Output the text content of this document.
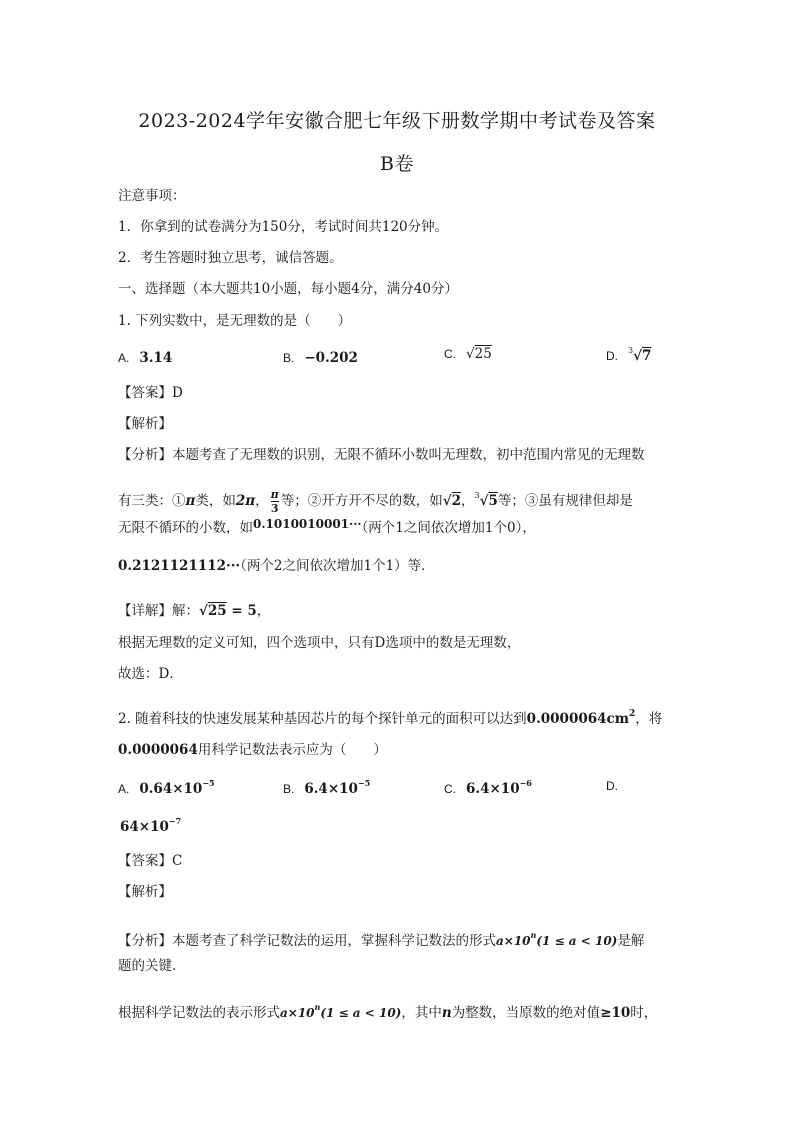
2023-2024学年安徽合肥七年级下册数学期中考试卷及答案
B卷
注意事项：
1．你拿到的试卷满分为150分，考试时间共120分钟。
2．考生答题时独立思考，诚信答题。
一、选择题（本大题共10小题，每小题4分，满分40分）
1. 下列实数中，是无理数的是（　　）
A. 3.14	B. −0.202	C. √25	D. $^3$√7
【答案】D
【解析】
【分析】本题考查了无理数的识别，无限不循环小数叫无理数，初中范围内常见的无理数
有三类：①π类，如2π， $\frac{\pi}{3}$ 等；②开方开不尽的数，如√2，$^3$√5等；③虽有规律但却是
无限不循环的小数，如0.1010010001···（两个1之间依次增加1个0），
0.2121121112···（两个2之间依次增加1个1）等．
【详解】解：√25 = 5，
根据无理数的定义可知，四个选项中，只有D选项中的数是无理数，
故选：D．
2. 随着科技的快速发展某种基因芯片的每个探针单元的面积可以达到$0.0000064cm^2$，将
0.0000064用科学记数法表示应为（　　）
A. $0.64\times 10^{-5}$	B. $6.4\times 10^{-5}$	C. $6.4\times 10^{-6}$	D.
$64\times 10^{-7}$
【答案】C
【解析】
【分析】本题考查了科学记数法的运用，掌握科学记数法的形式$a\times 10^n(1 \le a < 10)$是解
题的关键．
根据科学记数法的表示形式$a\times 10^n(1 \le a < 10)$，其中n为整数，当原数的绝对值≥10时，
